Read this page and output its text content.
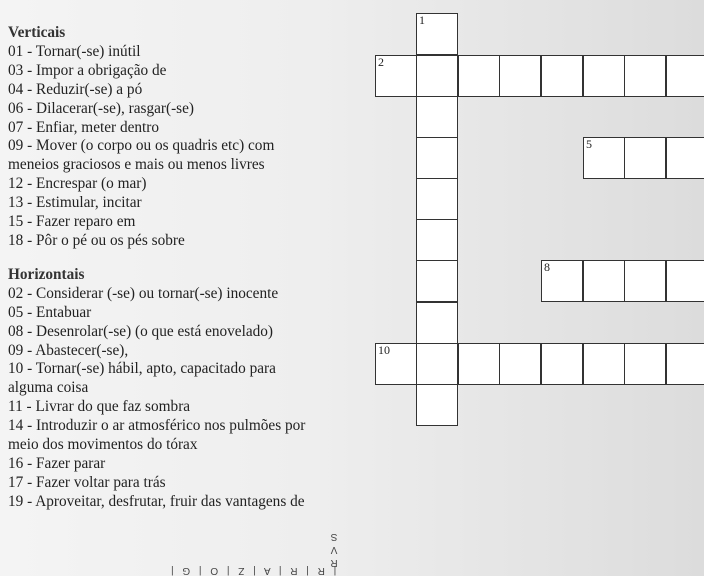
Verticais

01 - Tornar(-se) inútil

03 - Impor a obrigação de

04 - Reduzir(-se) a pó

06 - Dilacerar(-se), rasgar(-se)

07 - Enfiar, meter dentro

09 - Mover (o corpo ou os quadris etc) com

meneios graciosos e mais ou menos livres

12 - Encrespar (o mar)

13 - Estimular, incitar

15 - Fazer reparo em

18 - Pôr o pé ou os pés sobre

Horizontais

02 - Considerar (-se) ou tornar(-se) inocente

05 - Entabuar

08 - Desenrolar(-se) (o que está enovelado)

09 - Abastecer(-se),

10 - Tornar(-se) hábil, apto, capacitado para

alguma coisa

11 - Livrar do que faz sombra

14 - Introduzir o ar atmosférico nos pulmões por

meio dos movimentos do tórax

16 - Fazer parar

17 - Fazer voltar para trás

19 - Aproveitar, desfrutar, fruir das vantagens de

1
2
5
8
10
| R | R | A | Z | O | G |
R
V
S
